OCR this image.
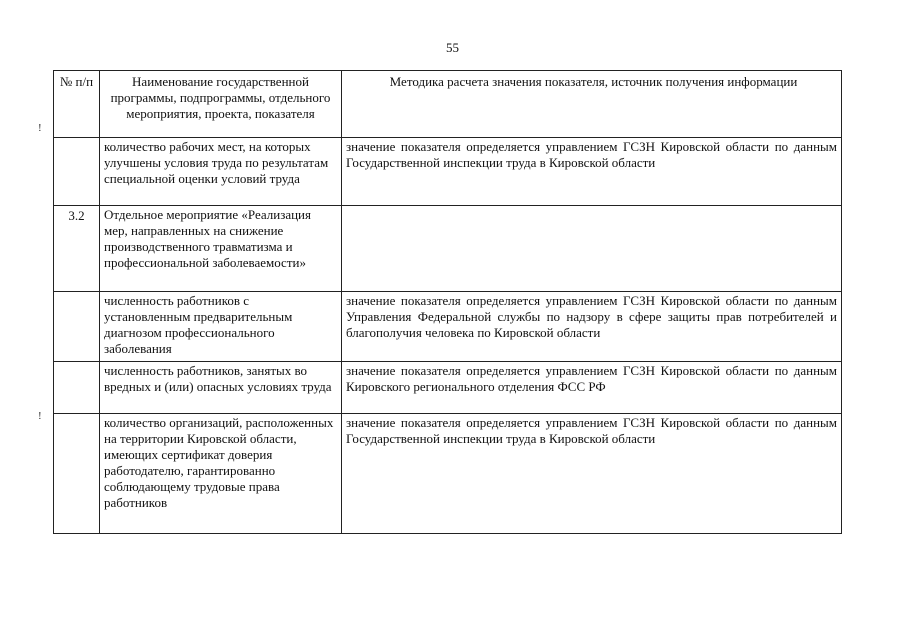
55
!
!
№ п/п	Наименование государственной программы, подпрограммы, отдельного мероприятия, проекта, показателя	Методика расчета значения показателя, источник получения информации

	количество рабочих мест, на которых улучшены условия труда по результатам специальной оценки условий труда	значение показателя определяется управлением ГСЗН Кировской области по данным Государственной инспекции труда в Кировской области

3.2	Отдельное мероприятие «Реализация мер, направленных на снижение производственного травматизма и профессиональной заболеваемости»	

	численность работников с установленным предварительным диагнозом профессионального заболевания	значение показателя определяется управлением ГСЗН Кировской области по данным Управления Федеральной службы по надзору в сфере защиты прав потребителей и благополучия человека по Кировской области

	численность работников, занятых во вредных и (или) опасных условиях труда	значение показателя определяется управлением ГСЗН Кировской области по данным Кировского регионального отделения ФСС РФ

	количество организаций, расположенных на территории Кировской области, имеющих сертификат доверия работодателю, гарантированно соблюдающему трудовые права работников	значение показателя определяется управлением ГСЗН Кировской области по данным Государственной инспекции труда в Кировской области
